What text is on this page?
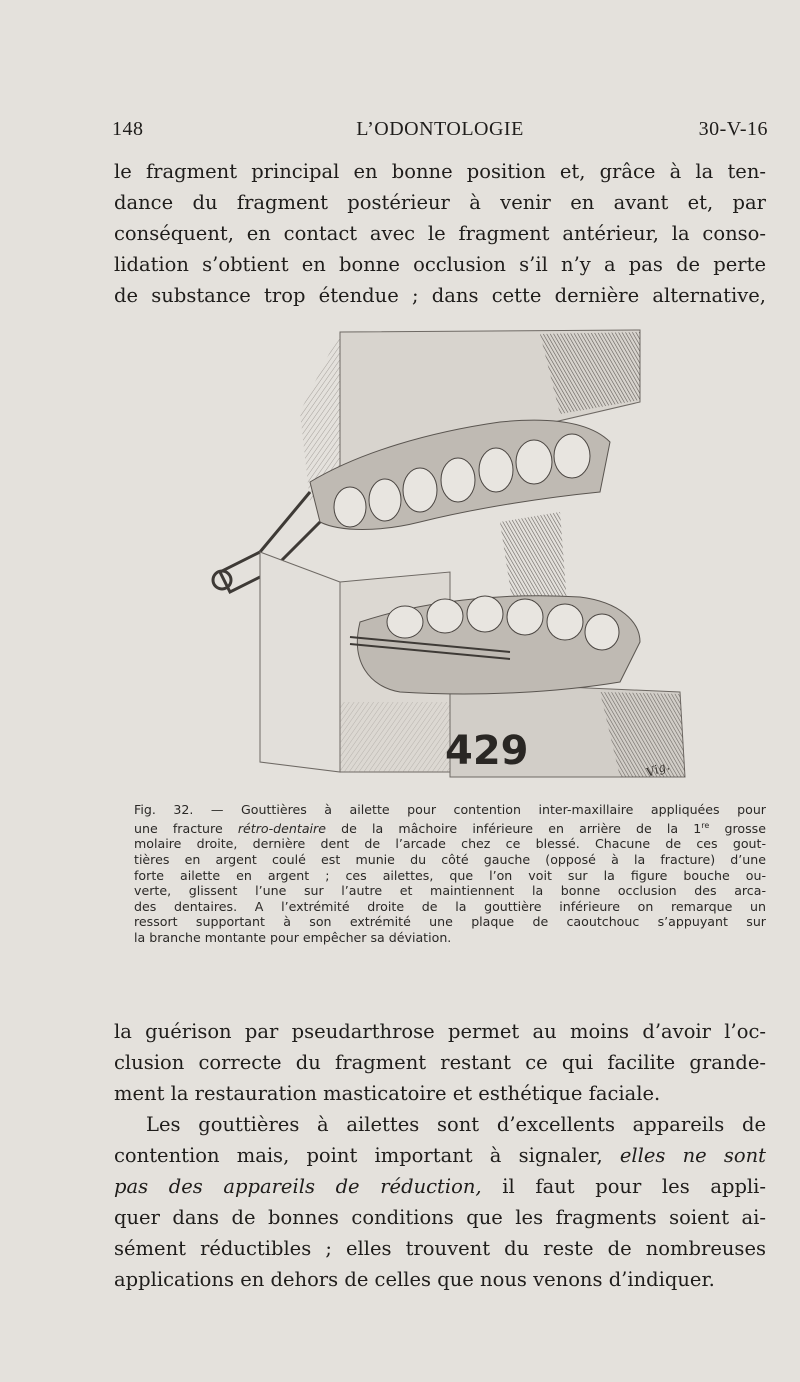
148	L’ODONTOLOGIE	30-V-16
le fragment principal en bonne position et, grâce à la ten-
dance du fragment postérieur à venir en avant et, par
conséquent, en contact avec le fragment antérieur, la conso-
lidation s’obtient en bonne occlusion s’il n’y a pas de perte
de substance trop étendue ; dans cette dernière alternative,
429	Vig.
Fig. 32. — Gouttières à ailette pour contention inter-maxillaire appliquées pour
une fracture rétro-dentaire de la mâchoire inférieure en arrière de la 1re grosse
molaire droite, dernière dent de l’arcade chez ce blessé. Chacune de ces gout-
tières en argent coulé est munie du côté gauche (opposé à la fracture) d’une
forte ailette en argent ; ces ailettes, que l’on voit sur la figure bouche ou-
verte, glissent l’une sur l’autre et maintiennent la bonne occlusion des arca-
des dentaires. A l’extrémité droite de la gouttière inférieure on remarque un
ressort supportant à son extrémité une plaque de caoutchouc s’appuyant sur
la branche montante pour empêcher sa déviation.
la guérison par pseudarthrose permet au moins d’avoir l’oc-
clusion correcte du fragment restant ce qui facilite grande-
ment la restauration masticatoire et esthétique faciale.
Les gouttières à ailettes sont d’excellents appareils de
contention mais, point important à signaler, elles ne sont
pas des appareils de réduction, il faut pour les appli-
quer dans de bonnes conditions que les fragments soient ai-
sément réductibles ; elles trouvent du reste de nombreuses
applications en dehors de celles que nous venons d’indiquer.
